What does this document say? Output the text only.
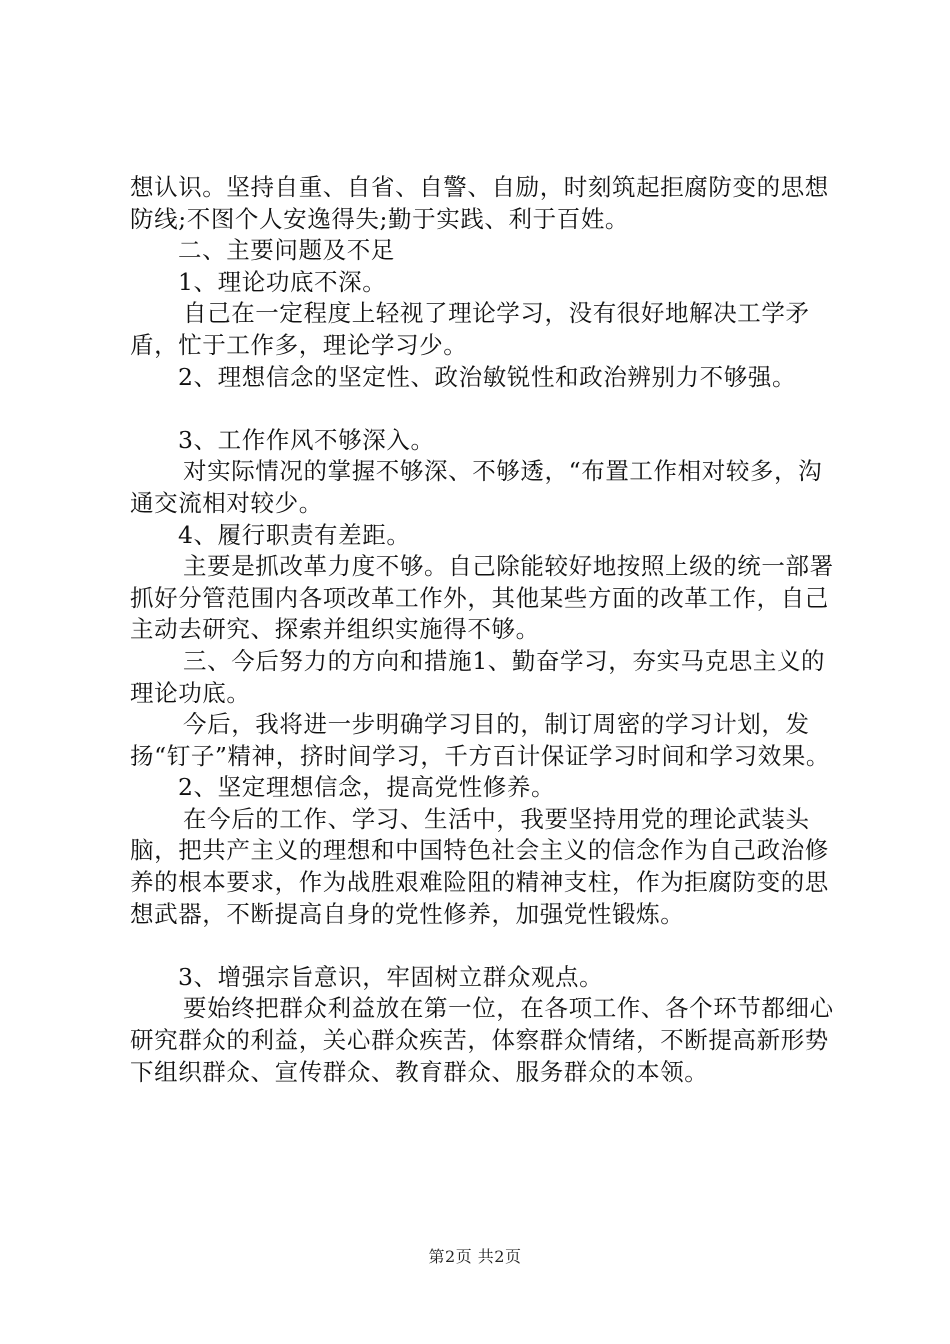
想认识。坚持自重、自省、自警、自励，时刻筑起拒腐防变的思想防线;不图个人安逸得失;勤于实践、利于百姓。

二、主要问题及不足

1、理论功底不深。

自己在一定程度上轻视了理论学习，没有很好地解决工学矛盾，忙于工作多，理论学习少。

2、理想信念的坚定性、政治敏锐性和政治辨别力不够强。

3、工作作风不够深入。

对实际情况的掌握不够深、不够透，“布置工作相对较多，沟通交流相对较少。

4、履行职责有差距。

主要是抓改革力度不够。自己除能较好地按照上级的统一部署抓好分管范围内各项改革工作外，其他某些方面的改革工作，自己主动去研究、探索并组织实施得不够。

三、今后努力的方向和措施1、勤奋学习，夯实马克思主义的理论功底。

今后，我将进一步明确学习目的，制订周密的学习计划，发扬“钉子”精神，挤时间学习，千方百计保证学习时间和学习效果。

2、坚定理想信念，提高党性修养。

在今后的工作、学习、生活中，我要坚持用党的理论武装头脑，把共产主义的理想和中国特色社会主义的信念作为自己政治修养的根本要求，作为战胜艰难险阻的精神支柱，作为拒腐防变的思想武器，不断提高自身的党性修养，加强党性锻炼。

3、增强宗旨意识，牢固树立群众观点。

要始终把群众利益放在第一位，在各项工作、各个环节都细心研究群众的利益，关心群众疾苦，体察群众情绪，不断提高新形势下组织群众、宣传群众、教育群众、服务群众的本领。

第2页 共2页
